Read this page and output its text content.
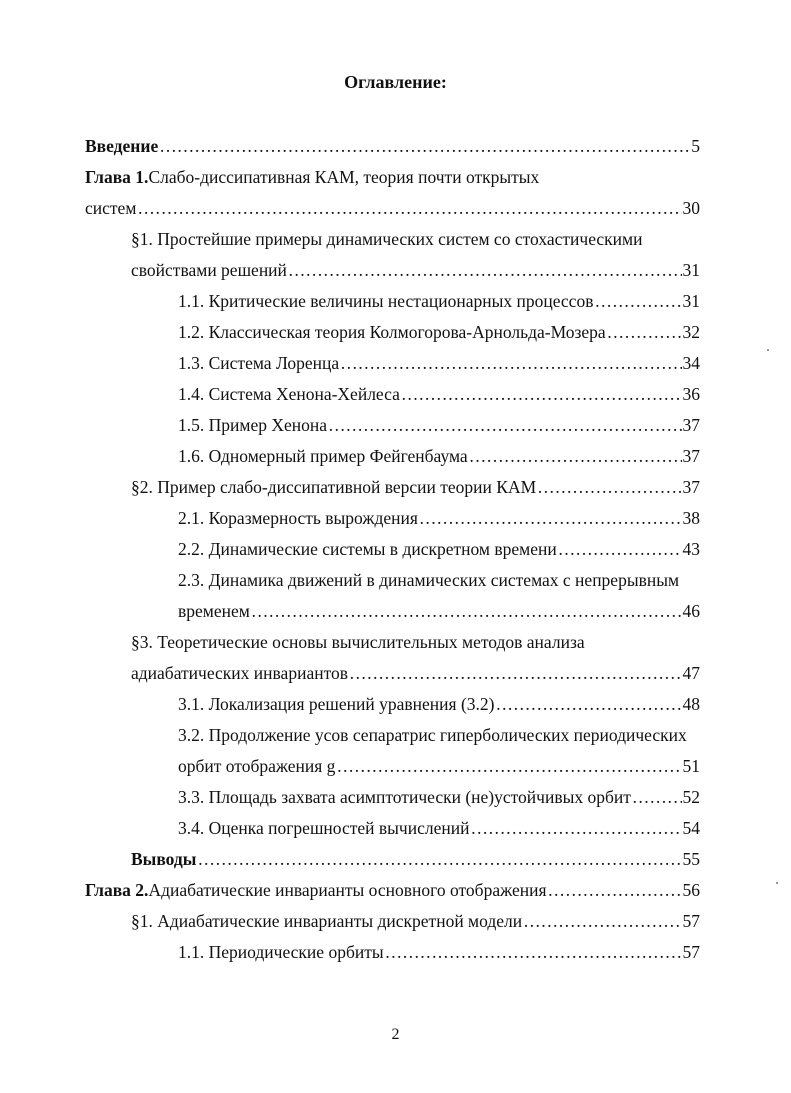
Оглавление:
Введение …………………………………………………………………………………………………………………………………………………………	5
Глава 1. Слабо-диссипативная КАМ, теория почти открытых
систем …………………………………………………………………………………………………………………………………………………………	30
§1. Простейшие примеры динамических систем со стохастическими
свойствами решений …………………………………………………………………………………………………………………………………………………………	31
1.1. Критические величины нестационарных процессов …………………………………………………………………………………………………………………………………………………………	31
1.2. Классическая теория Колмогорова-Арнольда-Мозера …………………………………………………………………………………………………………………………………………………………	32
1.3. Система Лоренца …………………………………………………………………………………………………………………………………………………………	34
1.4. Система Хенона-Хейлеса …………………………………………………………………………………………………………………………………………………………	36
1.5. Пример Хенона …………………………………………………………………………………………………………………………………………………………	37
1.6. Одномерный пример Фейгенбаума …………………………………………………………………………………………………………………………………………………………	37
§2. Пример слабо-диссипативной версии теории КАМ …………………………………………………………………………………………………………………………………………………………	37
2.1. Коразмерность вырождения …………………………………………………………………………………………………………………………………………………………	38
2.2. Динамические системы в дискретном времени …………………………………………………………………………………………………………………………………………………………	43
2.3. Динамика движений в динамических системах с непрерывным
временем …………………………………………………………………………………………………………………………………………………………	46
§3. Теоретические основы вычислительных методов анализа
адиабатических инвариантов …………………………………………………………………………………………………………………………………………………………	47
3.1. Локализация решений уравнения (3.2) …………………………………………………………………………………………………………………………………………………………	48
3.2. Продолжение усов сепаратрис гиперболических периодических
орбит отображения g …………………………………………………………………………………………………………………………………………………………	51
3.3. Площадь захвата асимптотически (не)устойчивых орбит …………………………………………………………………………………………………………………………………………………………	52
3.4. Оценка погрешностей вычислений …………………………………………………………………………………………………………………………………………………………	54
Выводы …………………………………………………………………………………………………………………………………………………………	55
Глава 2. Адиабатические инварианты основного отображения …………………………………………………………………………………………………………………………………………………………	56
§1. Адиабатические инварианты дискретной модели …………………………………………………………………………………………………………………………………………………………	57
1.1. Периодические орбиты …………………………………………………………………………………………………………………………………………………………	57
2
